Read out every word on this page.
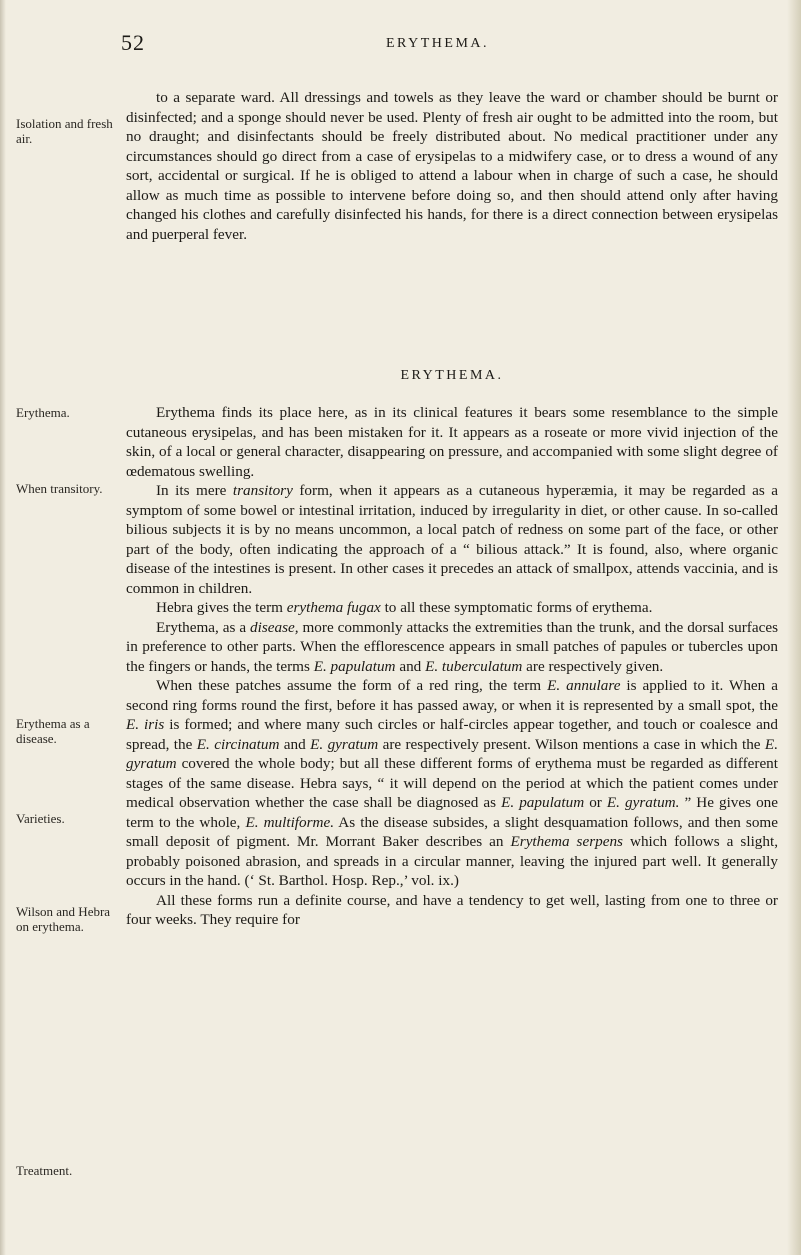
52	ERYTHEMA.
Isolation and fresh air.
Erythema.
When transitory.
Erythema as a disease.
Varieties.
Wilson and Hebra on erythema.
Treatment.

to a separate ward. All dressings and towels as they leave the ward or chamber should be burnt or disinfected; and a sponge should never be used. Plenty of fresh air ought to be admitted into the room, but no draught; and disinfectants should be freely distributed about. No medical practitioner under any circumstances should go direct from a case of erysipelas to a midwifery case, or to dress a wound of any sort, accidental or surgical. If he is obliged to attend a labour when in charge of such a case, he should allow as much time as possible to intervene before doing so, and then should attend only after having changed his clothes and carefully disinfected his hands, for there is a direct connection between erysipelas and puerperal fever.

ERYTHEMA.

Erythema finds its place here, as in its clinical features it bears some resemblance to the simple cutaneous erysipelas, and has been mistaken for it. It appears as a roseate or more vivid injection of the skin, of a local or general character, disappearing on pressure, and accompanied with some slight degree of œdematous swelling.

In its mere transitory form, when it appears as a cutaneous hyperæmia, it may be regarded as a symptom of some bowel or intestinal irritation, induced by irregularity in diet, or other cause. In so-called bilious subjects it is by no means uncommon, a local patch of redness on some part of the face, or other part of the body, often indicating the approach of a “ bilious attack.” It is found, also, where organic disease of the intestines is present. In other cases it precedes an attack of smallpox, attends vaccinia, and is common in children.

Hebra gives the term erythema fugax to all these symptomatic forms of erythema.

Erythema, as a disease, more commonly attacks the extremities than the trunk, and the dorsal surfaces in preference to other parts. When the efflorescence appears in small patches of papules or tubercles upon the fingers or hands, the terms E. papulatum and E. tuberculatum are respectively given.

When these patches assume the form of a red ring, the term E. annulare is applied to it. When a second ring forms round the first, before it has passed away, or when it is represented by a small spot, the E. iris is formed; and where many such circles or half-circles appear together, and touch or coalesce and spread, the E. circinatum and E. gyratum are respectively present. Wilson mentions a case in which the E. gyratum covered the whole body; but all these different forms of erythema must be regarded as different stages of the same disease. Hebra says, “ it will depend on the period at which the patient comes under medical observation whether the case shall be diagnosed as E. papulatum or E. gyratum. ” He gives one term to the whole, E. multiforme. As the disease subsides, a slight desquamation follows, and then some small deposit of pigment. Mr. Morrant Baker describes an Erythema serpens which follows a slight, probably poisoned abrasion, and spreads in a circular manner, leaving the injured part well. It generally occurs in the hand. (‘ St. Barthol. Hosp. Rep.,’ vol. ix.)

All these forms run a definite course, and have a tendency to get well, lasting from one to three or four weeks. They require for
